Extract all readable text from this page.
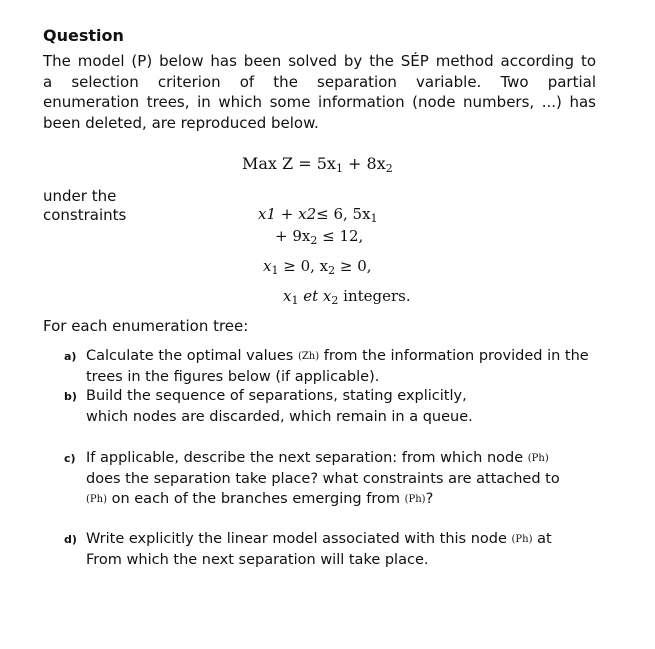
Question
The model (P) below has been solved by the SÉP method according to
a selection criterion of the separation variable. Two partial
enumeration trees, in which some information (node numbers, ...) has
been deleted, are reproduced below.
Max $Z = 5x_1 + 8x_2$
under the
constraints	x1 + x2≤ 6, $5x_1$
+ $9x_2 \le 12$,
$x_1 \ge 0$, $x_2 \ge 0$,
$x_1$ et $x_2$ integers.
For each enumeration tree:
a) Calculate the optimal values (Zh) from the information provided in the
trees in the figures below (if applicable).
b) Build the sequence of separations, stating explicitly,
which nodes are discarded, which remain in a queue.
c) If applicable, describe the next separation: from which node (Ph)
does the separation take place? what constraints are attached to
(Ph) on each of the branches emerging from (Ph)?
d) Write explicitly the linear model associated with this node (Ph) at
From which the next separation will take place.
